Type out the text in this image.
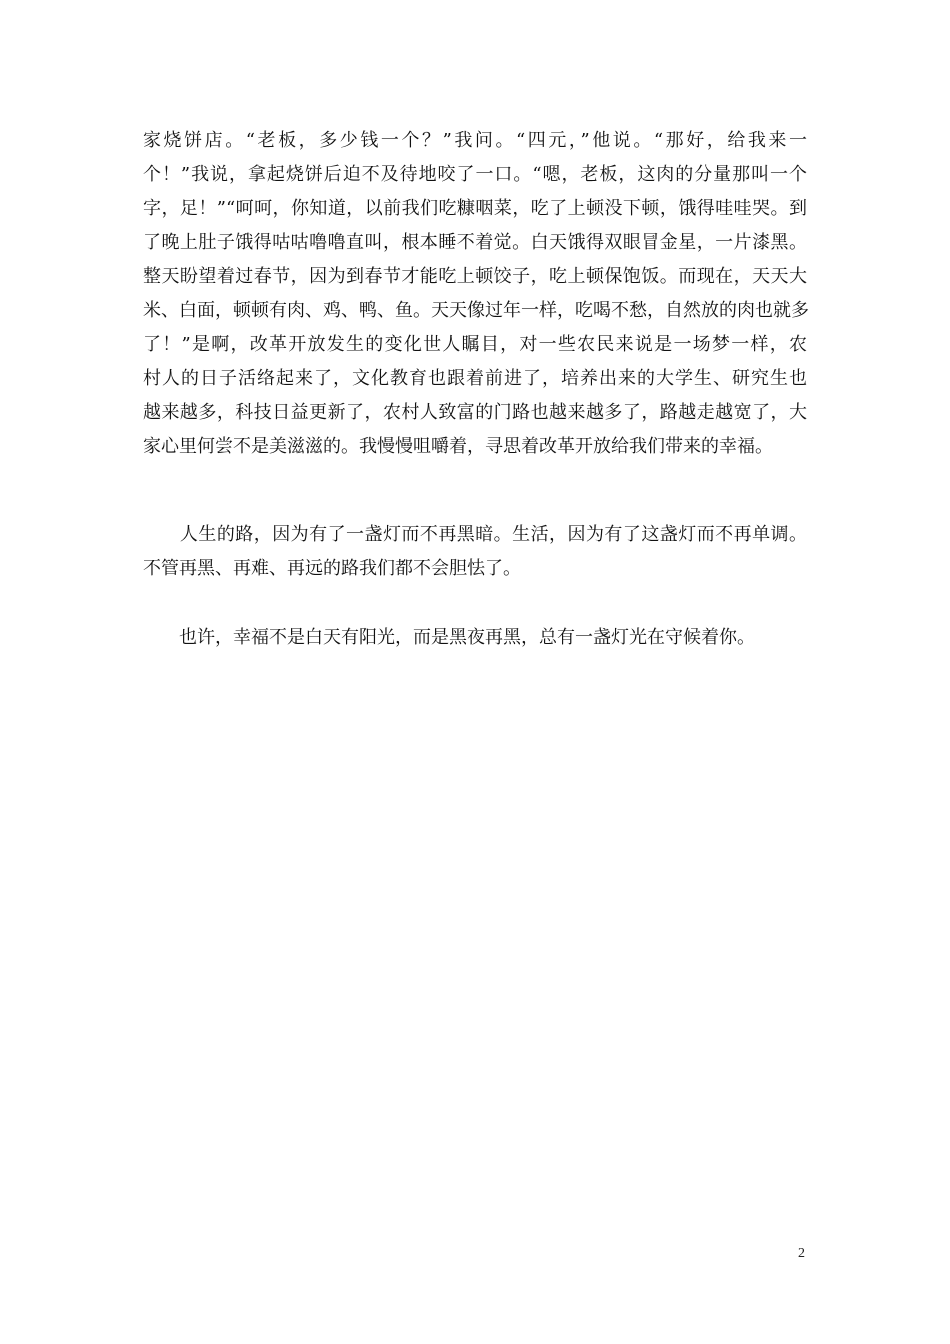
家烧饼店。“老板，多少钱一个？”我问。“四元，”他说。“那好，给我来一
个！”我说，拿起烧饼后迫不及待地咬了一口。“嗯，老板，这肉的分量那叫一个
字，足！”“呵呵，你知道，以前我们吃糠咽菜，吃了上顿没下顿，饿得哇哇哭。到
了晚上肚子饿得咕咕噜噜直叫，根本睡不着觉。白天饿得双眼冒金星，一片漆黑。
整天盼望着过春节，因为到春节才能吃上顿饺子，吃上顿保饱饭。而现在，天天大
米、白面，顿顿有肉、鸡、鸭、鱼。天天像过年一样，吃喝不愁，自然放的肉也就多
了！”是啊，改革开放发生的变化世人瞩目，对一些农民来说是一场梦一样，农
村人的日子活络起来了，文化教育也跟着前进了，培养出来的大学生、研究生也
越来越多，科技日益更新了，农村人致富的门路也越来越多了，路越走越宽了，大
家心里何尝不是美滋滋的。我慢慢咀嚼着，寻思着改革开放给我们带来的幸福。
　　人生的路，因为有了一盏灯而不再黑暗。生活，因为有了这盏灯而不再单调。
不管再黑、再难、再远的路我们都不会胆怯了。
　　也许，幸福不是白天有阳光，而是黑夜再黑，总有一盏灯光在守候着你。
2
